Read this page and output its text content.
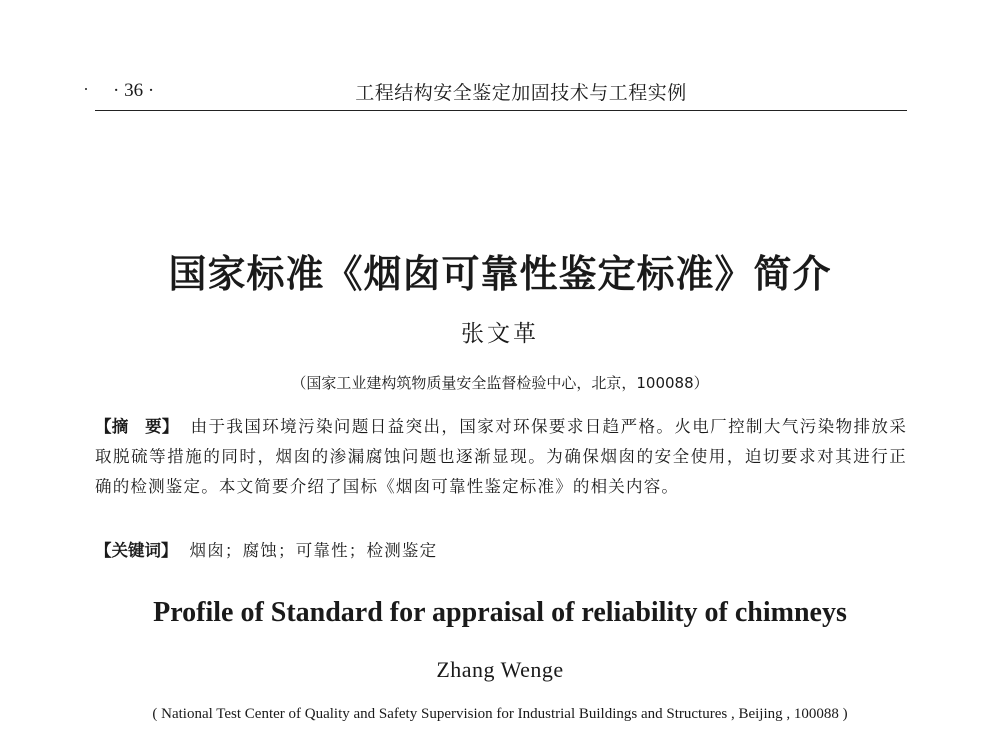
· 36 ·	工程结构安全鉴定加固技术与工程实例
国家标准《烟囱可靠性鉴定标准》简介
张文革
（国家工业建构筑物质量安全监督检验中心，北京，100088）
【摘　要】 由于我国环境污染问题日益突出，国家对环保要求日趋严格。火电厂控制大气污染物排放采取脱硫等措施的同时，烟囱的渗漏腐蚀问题也逐渐显现。为确保烟囱的安全使用，迫切要求对其进行正确的检测鉴定。本文简要介绍了国标《烟囱可靠性鉴定标准》的相关内容。
【关键词】 烟囱；腐蚀；可靠性；检测鉴定
Profile of Standard for appraisal of reliability of chimneys
Zhang Wenge
( National Test Center of Quality and Safety Supervision for Industrial Buildings and Structures , Beijing , 100088 )
